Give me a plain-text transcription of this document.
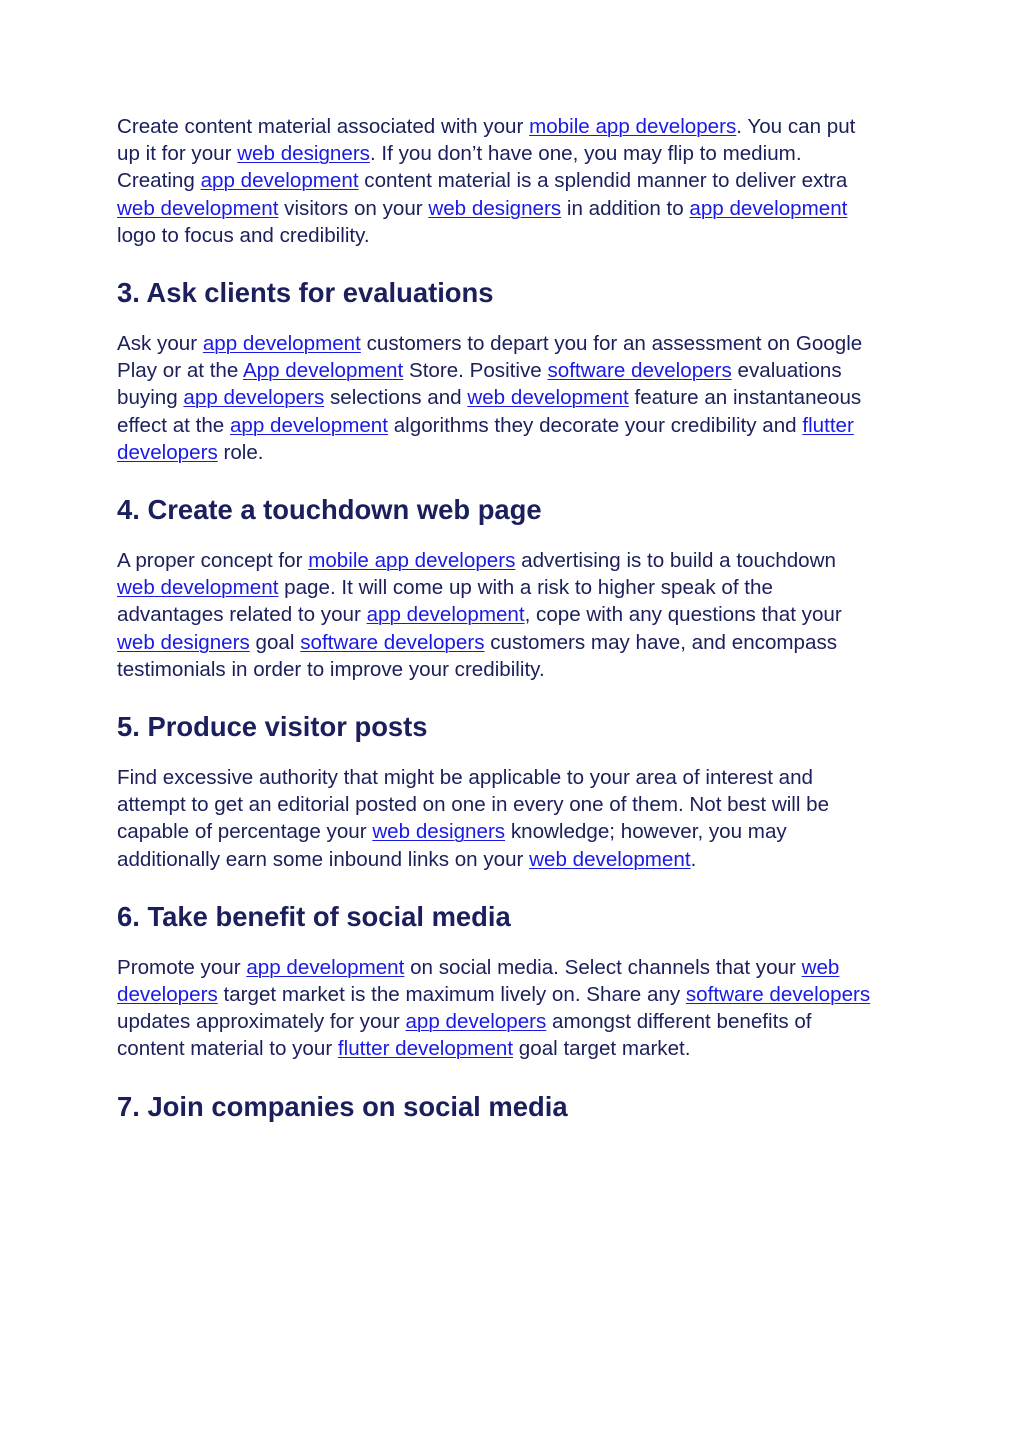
Create content material associated with your mobile app developers. You can put up it for your web designers. If you don’t have one, you may flip to medium. Creating app development content material is a splendid manner to deliver extra web development visitors on your web designers in addition to app development logo to focus and credibility.

3. Ask clients for evaluations

Ask your app development customers to depart you for an assessment on Google Play or at the App development Store. Positive software developers evaluations buying app developers selections and web development feature an instantaneous effect at the app development algorithms they decorate your credibility and flutter developers role.

4. Create a touchdown web page

A proper concept for mobile app developers advertising is to build a touchdown web development page. It will come up with a risk to higher speak of the advantages related to your app development, cope with any questions that your web designers goal software developers customers may have, and encompass testimonials in order to improve your credibility.

5. Produce visitor posts

Find excessive authority that might be applicable to your area of interest and attempt to get an editorial posted on one in every one of them. Not best will be capable of percentage your web designers knowledge; however, you may additionally earn some inbound links on your web development.

6. Take benefit of social media

Promote your app development on social media. Select channels that your web developers target market is the maximum lively on. Share any software developers updates approximately for your app developers amongst different benefits of content material to your flutter development goal target market.

7. Join companies on social media
